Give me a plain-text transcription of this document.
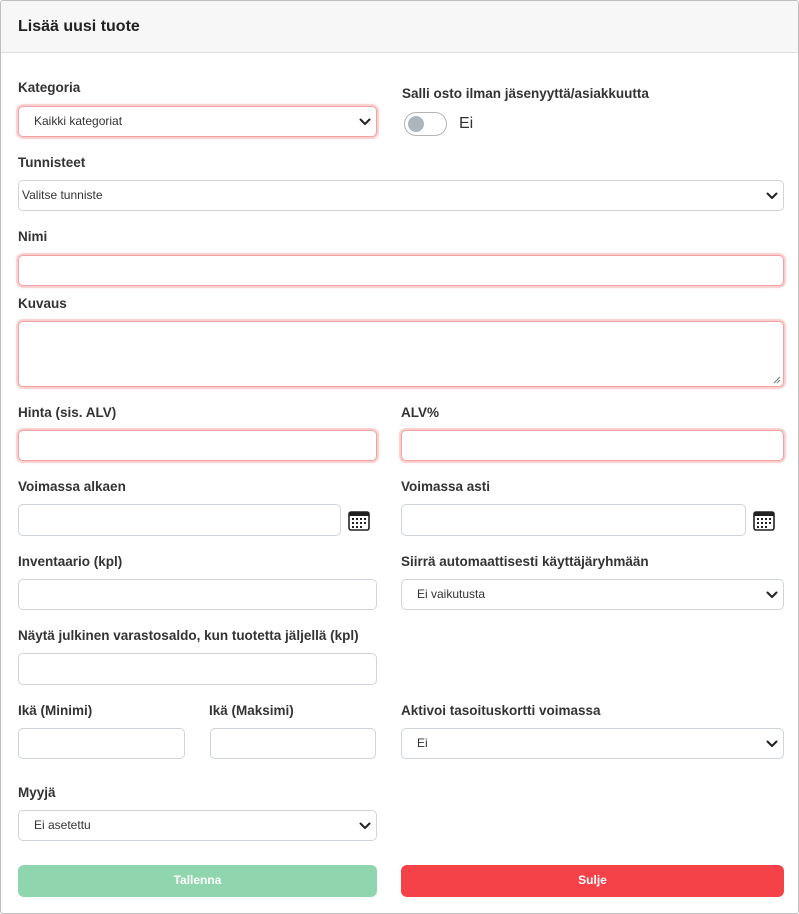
Lisää uusi tuote
Kategoria
Kaikki kategoriat
Salli osto ilman jäsenyyttä/asiakkuutta
Ei
Tunnisteet
Valitse tunniste
Nimi
Kuvaus
Hinta (sis. ALV)	ALV%
Voimassa alkaen	Voimassa asti
Inventaario (kpl)	Siirrä automaattisesti käyttäjäryhmään
Ei vaikutusta
Näytä julkinen varastosaldo, kun tuotetta jäljellä (kpl)
Ikä (Minimi)	Ikä (Maksimi)	Aktivoi tasoituskortti voimassa
Ei
Myyjä
Ei asetettu
Tallenna	Sulje
